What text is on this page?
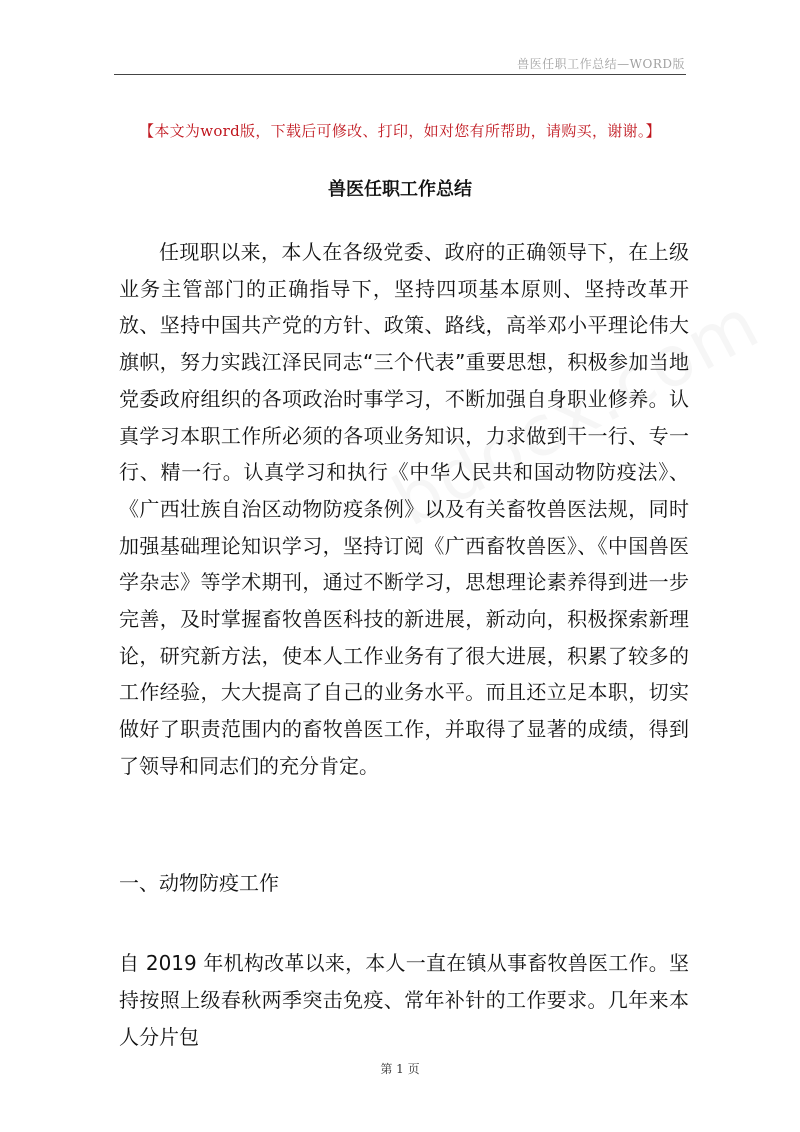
兽医任职工作总结—WORD版
【本文为word版，下载后可修改、打印，如对您有所帮助，请购买，谢谢。】
兽医任职工作总结

任现职以来，本人在各级党委、政府的正确领导下，在上级业务主管部门的正确指导下，坚持四项基本原则、坚持改革开放、坚持中国共产党的方针、政策、路线，高举邓小平理论伟大旗帜，努力实践江泽民同志“三个代表”重要思想，积极参加当地党委政府组织的各项政治时事学习，不断加强自身职业修养。认真学习本职工作所必须的各项业务知识，力求做到干一行、专一行、精一行。认真学习和执行《中华人民共和国动物防疫法》、《广西壮族自治区动物防疫条例》以及有关畜牧兽医法规，同时加强基础理论知识学习，坚持订阅《广西畜牧兽医》、《中国兽医学杂志》等学术期刊，通过不断学习，思想理论素养得到进一步完善，及时掌握畜牧兽医科技的新进展，新动向，积极探索新理论，研究新方法，使本人工作业务有了很大进展，积累了较多的工作经验，大大提高了自己的业务水平。而且还立足本职，切实做好了职责范围内的畜牧兽医工作，并取得了显著的成绩，得到了领导和同志们的充分肯定。

一、动物防疫工作

自 2019 年机构改革以来，本人一直在镇从事畜牧兽医工作。坚持按照上级春秋两季突击免疫、常年补针的工作要求。几年来本人分片包

第 1 页
